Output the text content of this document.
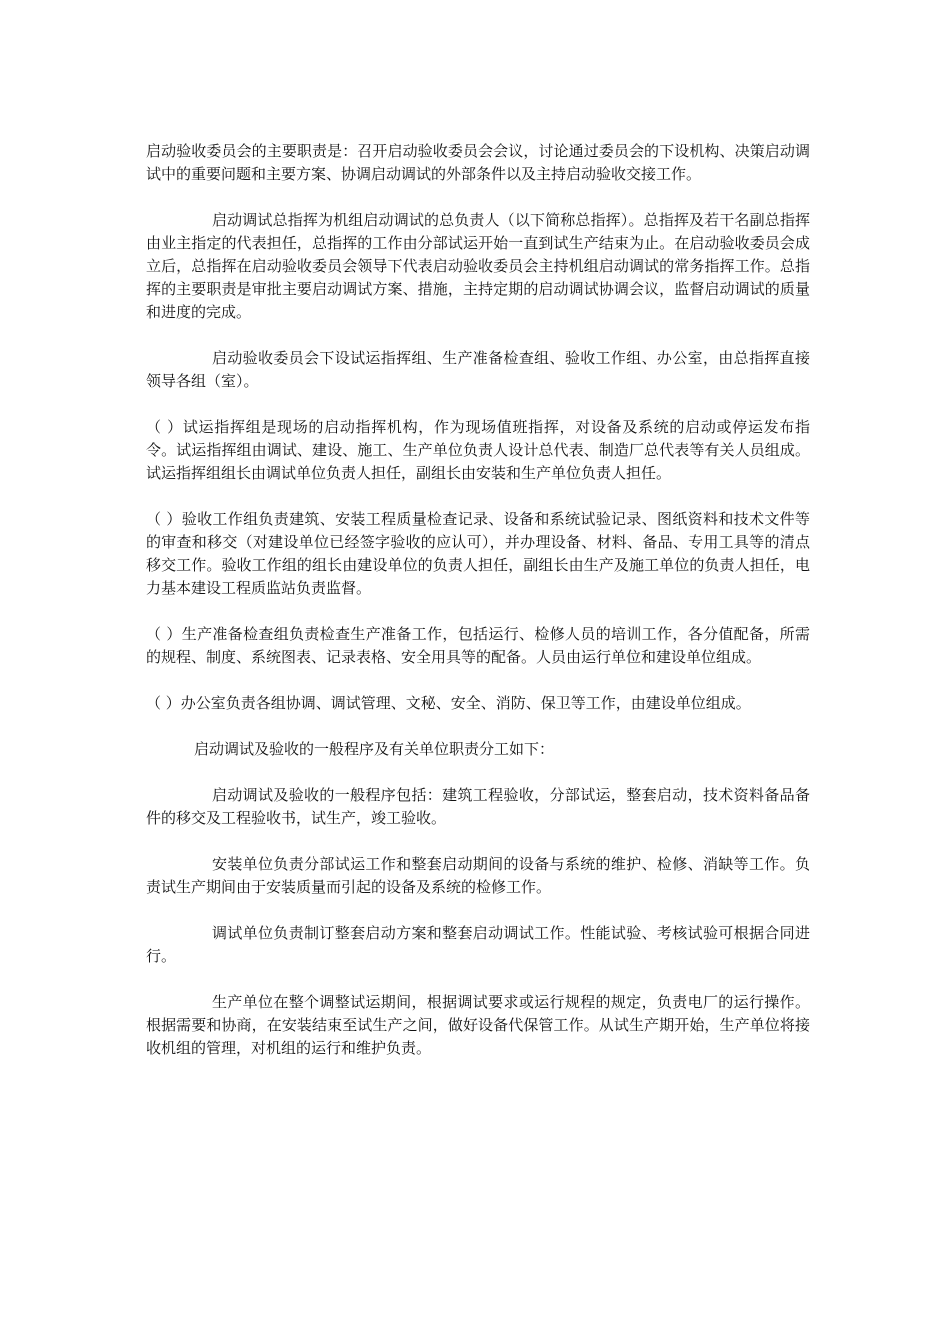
启动验收委员会的主要职责是：召开启动验收委员会会议，讨论通过委员会的下设机构、决策启动调试中的重要问题和主要方案、协调启动调试的外部条件以及主持启动验收交接工作。

启动调试总指挥为机组启动调试的总负责人（以下简称总指挥）。总指挥及若干名副总指挥由业主指定的代表担任，总指挥的工作由分部试运开始一直到试生产结束为止。在启动验收委员会成立后，总指挥在启动验收委员会领导下代表启动验收委员会主持机组启动调试的常务指挥工作。总指挥的主要职责是审批主要启动调试方案、措施，主持定期的启动调试协调会议，监督启动调试的质量和进度的完成。

启动验收委员会下设试运指挥组、生产准备检查组、验收工作组、办公室，由总指挥直接领导各组（室）。

（ ）试运指挥组是现场的启动指挥机构，作为现场值班指挥，对设备及系统的启动或停运发布指令。试运指挥组由调试、建设、施工、生产单位负责人设计总代表、制造厂总代表等有关人员组成。试运指挥组组长由调试单位负责人担任，副组长由安装和生产单位负责人担任。

（ ）验收工作组负责建筑、安装工程质量检查记录、设备和系统试验记录、图纸资料和技术文件等的审查和移交（对建设单位已经签字验收的应认可），并办理设备、材料、备品、专用工具等的清点移交工作。验收工作组的组长由建设单位的负责人担任，副组长由生产及施工单位的负责人担任，电力基本建设工程质监站负责监督。

（ ）生产准备检查组负责检查生产准备工作，包括运行、检修人员的培训工作，各分值配备，所需的规程、制度、系统图表、记录表格、安全用具等的配备。人员由运行单位和建设单位组成。

（ ）办公室负责各组协调、调试管理、文秘、安全、消防、保卫等工作，由建设单位组成。

启动调试及验收的一般程序及有关单位职责分工如下：

启动调试及验收的一般程序包括：建筑工程验收，分部试运，整套启动，技术资料备品备件的移交及工程验收书，试生产，竣工验收。

安装单位负责分部试运工作和整套启动期间的设备与系统的维护、检修、消缺等工作。负责试生产期间由于安装质量而引起的设备及系统的检修工作。

调试单位负责制订整套启动方案和整套启动调试工作。性能试验、考核试验可根据合同进行。

生产单位在整个调整试运期间，根据调试要求或运行规程的规定，负责电厂的运行操作。根据需要和协商，在安装结束至试生产之间，做好设备代保管工作。从试生产期开始，生产单位将接收机组的管理，对机组的运行和维护负责。
